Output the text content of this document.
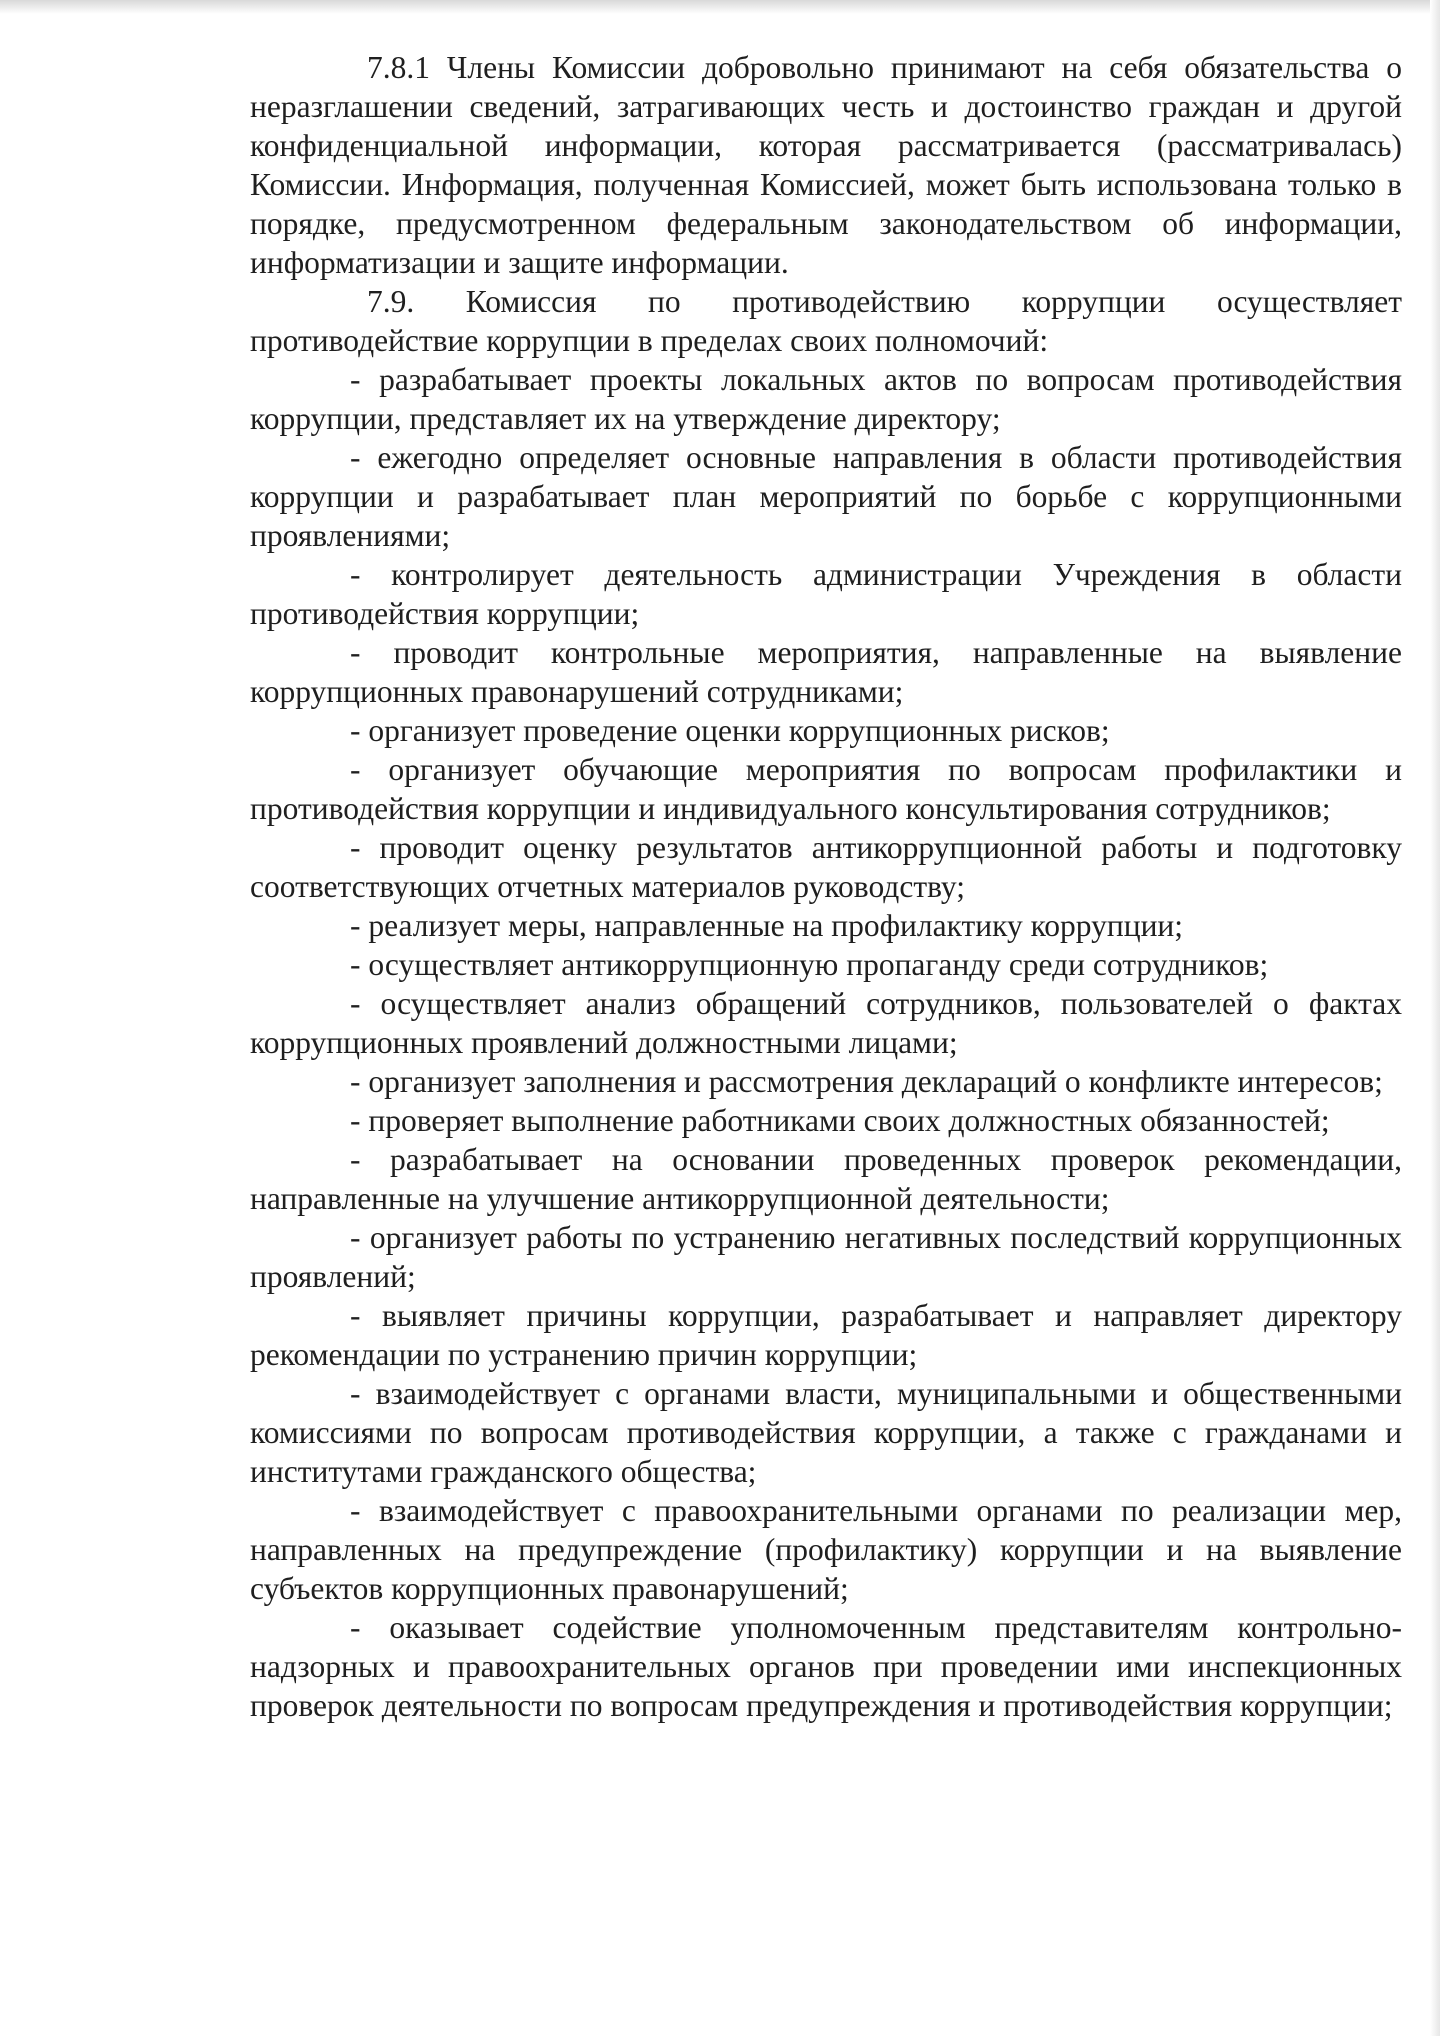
7.8.1 Члены Комиссии добровольно принимают на себя обязательства о неразглашении сведений, затрагивающих честь и достоинство граждан и другой конфиденциальной информации, которая рассматривается (рассматривалась) Комиссии. Информация, полученная Комиссией, может быть использована только в порядке, предусмотренном федеральным законодательством об информации, информатизации и защите информации.

7.9. Комиссия по противодействию коррупции осуществляет противодействие коррупции в пределах своих полномочий:

- разрабатывает проекты локальных актов по вопросам противодействия коррупции, представляет их на утверждение директору;

- ежегодно определяет основные направления в области противодействия коррупции и разрабатывает план мероприятий по борьбе с коррупционными проявлениями;

- контролирует деятельность администрации Учреждения в области противодействия коррупции;

- проводит контрольные мероприятия, направленные на выявление коррупционных правонарушений сотрудниками;

- организует проведение оценки коррупционных рисков;

- организует обучающие мероприятия по вопросам профилактики и противодействия коррупции и индивидуального консультирования сотрудников;

- проводит оценку результатов антикоррупционной работы и подготовку соответствующих отчетных материалов руководству;

- реализует меры, направленные на профилактику коррупции;

- осуществляет антикоррупционную пропаганду среди сотрудников;

- осуществляет анализ обращений сотрудников, пользователей о фактах коррупционных проявлений должностными лицами;

- организует заполнения и рассмотрения деклараций о конфликте интересов;

- проверяет выполнение работниками своих должностных обязанностей;

- разрабатывает на основании проведенных проверок рекомендации, направленные на улучшение антикоррупционной деятельности;

- организует работы по устранению негативных последствий коррупционных проявлений;

- выявляет причины коррупции, разрабатывает и направляет директору рекомендации по устранению причин коррупции;

- взаимодействует с органами власти, муниципальными и общественными комиссиями по вопросам противодействия коррупции, а также с гражданами и институтами гражданского общества;

- взаимодействует с правоохранительными органами по реализации мер, направленных на предупреждение (профилактику) коррупции и на выявление субъектов коррупционных правонарушений;

- оказывает содействие уполномоченным представителям контрольно-надзорных и правоохранительных органов при проведении ими инспекционных проверок деятельности по вопросам предупреждения и противодействия коррупции;
